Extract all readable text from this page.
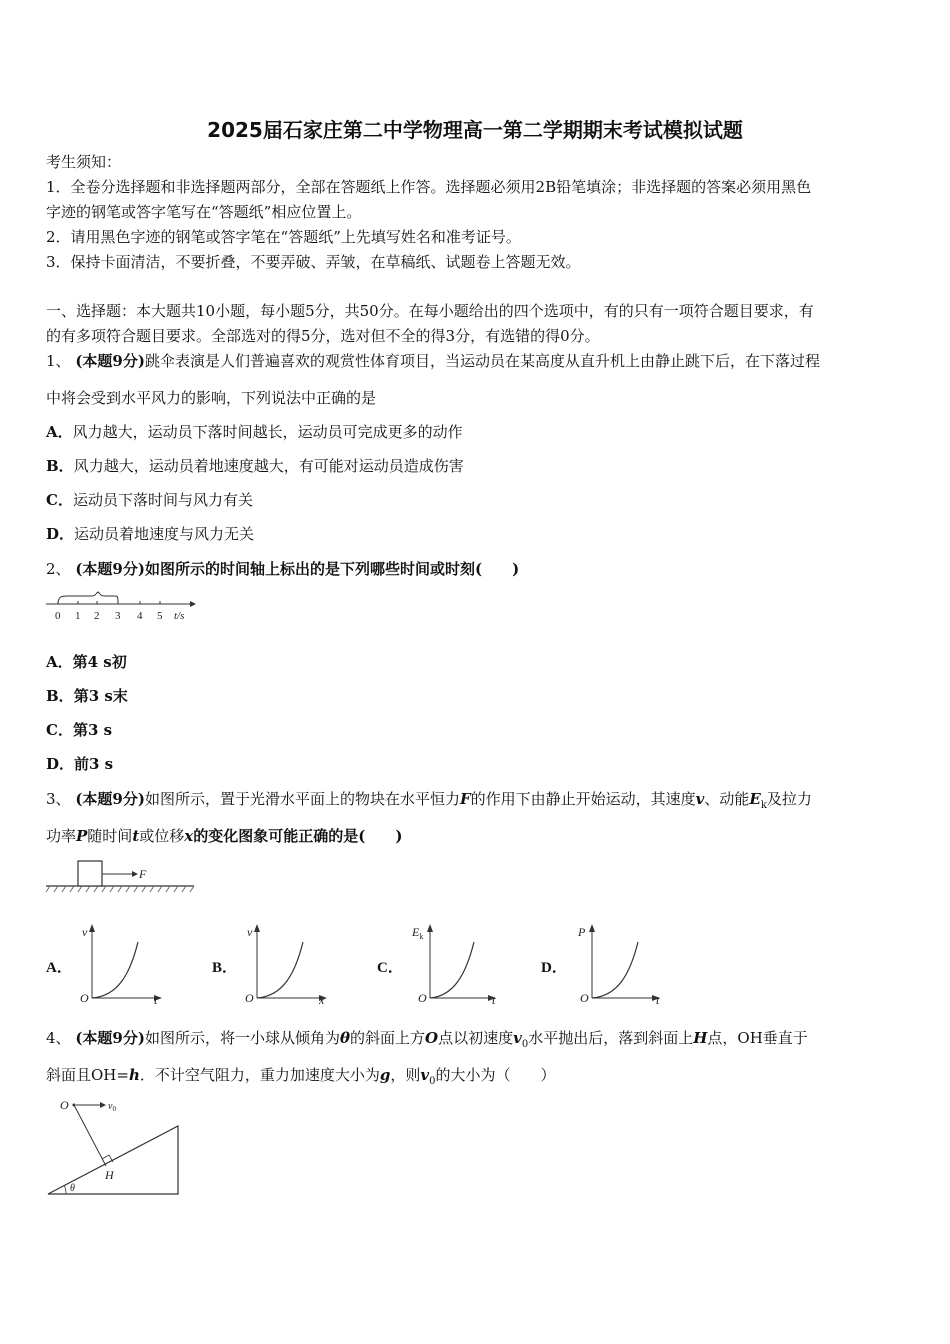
2025届石家庄第二中学物理高一第二学期期末考试模拟试题
考生须知：
1．全卷分选择题和非选择题两部分，全部在答题纸上作答。选择题必须用2B铅笔填涂；非选择题的答案必须用黑色
字迹的钢笔或答字笔写在“答题纸”相应位置上。
2．请用黑色字迹的钢笔或答字笔在“答题纸”上先填写姓名和准考证号。
3．保持卡面清洁，不要折叠，不要弄破、弄皱，在草稿纸、试题卷上答题无效。
一、选择题：本大题共10小题，每小题5分，共50分。在每小题给出的四个选项中，有的只有一项符合题目要求，有
的有多项符合题目要求。全部选对的得5分，选对但不全的得3分，有选错的得0分。
1、 (本题9分)跳伞表演是人们普遍喜欢的观赏性体育项目，当运动员在某高度从直升机上由静止跳下后，在下落过程
中将会受到水平风力的影响，下列说法中正确的是
A．风力越大，运动员下落时间越长，运动员可完成更多的动作
B．风力越大，运动员着地速度越大，有可能对运动员造成伤害
C．运动员下落时间与风力有关
D．运动员着地速度与风力无关
2、 (本题9分)如图所示的时间轴上标出的是下列哪些时间或时刻(　　)
0 1 2 3 4 5 t/s
A．第4 s初
B．第3 s末
C．第3 s
D．前3 s
3、 (本题9分)如图所示，置于光滑水平面上的物块在水平恒力F的作用下由静止开始运动，其速度v、动能$E_k$及拉力
功率P随时间t或位移x的变化图象可能正确的是(　　)
F
A．
v
t
O
B．
v
x
O
C．
$E_k$
t
O
D．
P
t
O
4、 (本题9分)如图所示，将一小球从倾角为θ的斜面上方O点以初速度$v_0$水平抛出后，落到斜面上H点，OH垂直于
斜面且OH=h．不计空气阻力，重力加速度大小为g，则$v_0$的大小为（　　）
O	$v_0$
H
θ
